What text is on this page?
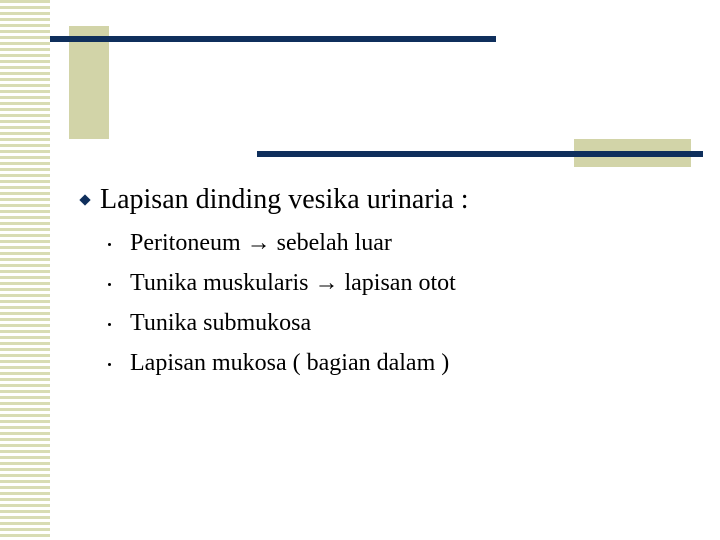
Lapisan dinding vesika urinaria :
Peritoneum → sebelah luar
Tunika muskularis → lapisan otot
Tunika submukosa
Lapisan mukosa ( bagian dalam )
